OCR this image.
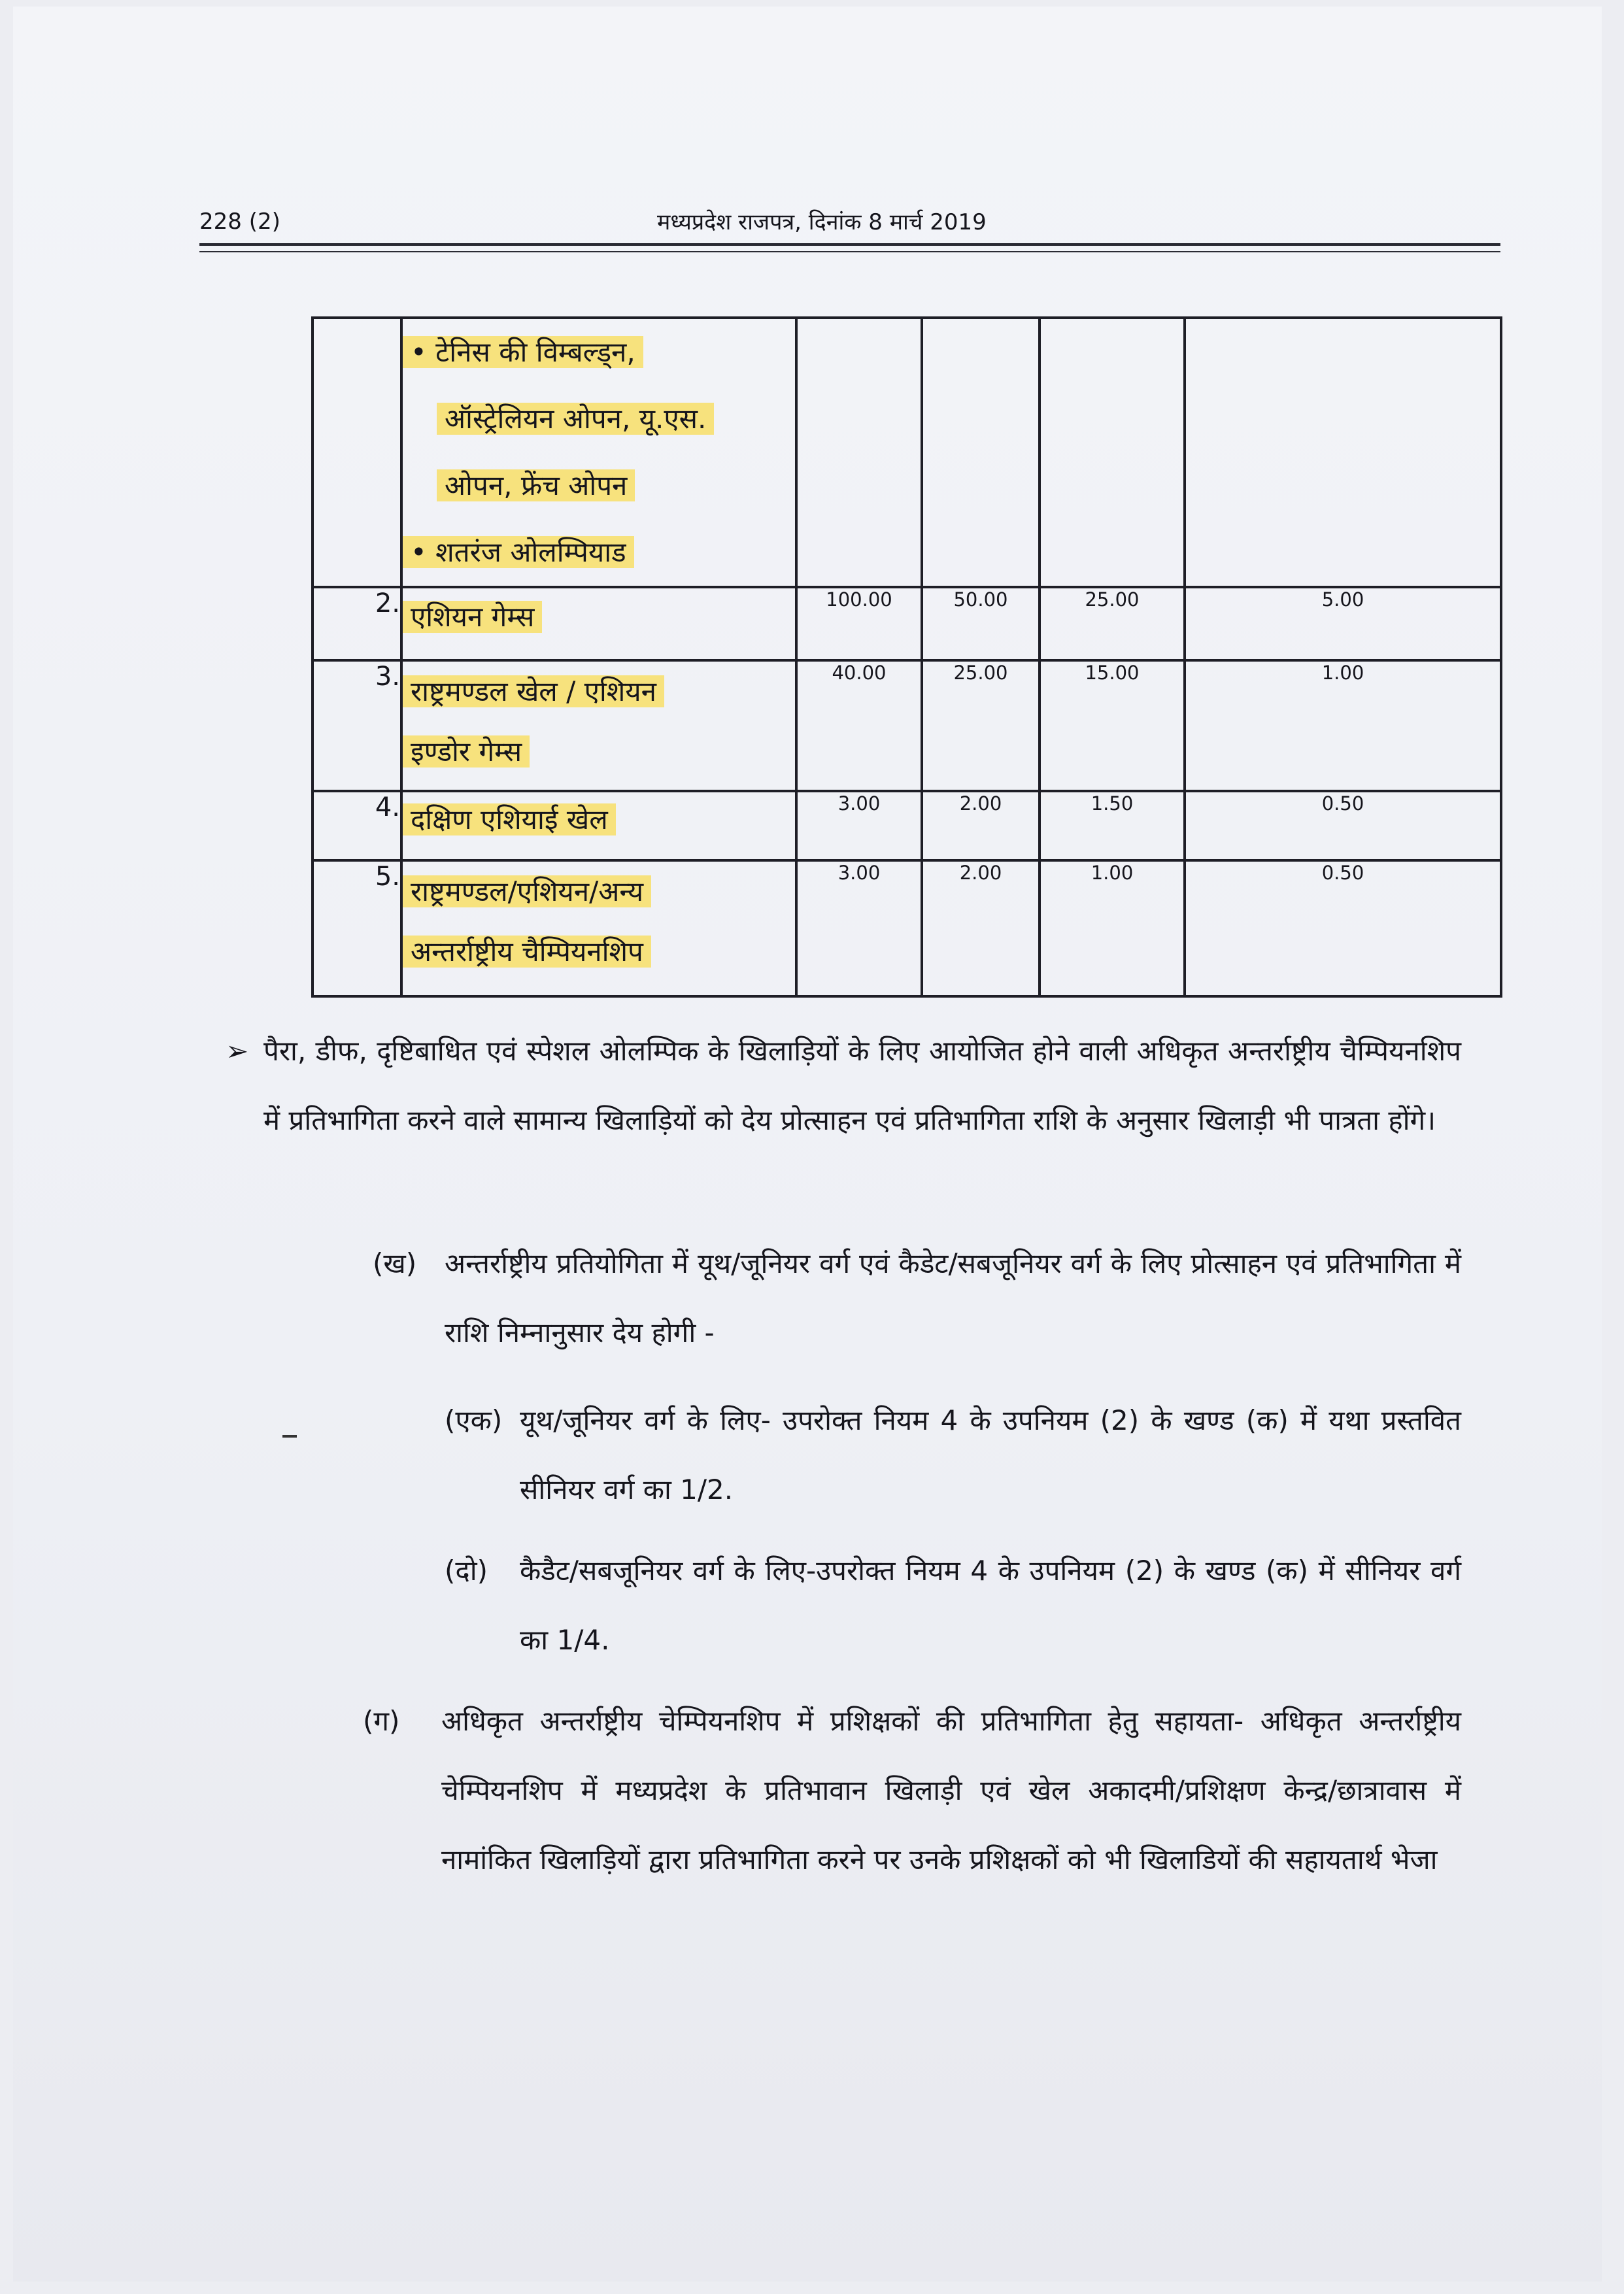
228 (2)	मध्यप्रदेश राजपत्र, दिनांक 8 मार्च 2019

	• टेनिस की विम्बल्ड्न,
ऑस्ट्रेलियन ओपन, यू.एस.
ओपन, फ्रेंच ओपन
• शतरंज ओलम्पियाड				

2.	एशियन गेम्स	100.00	50.00	25.00	5.00
3.	राष्ट्रमण्डल खेल / एशियन
इण्डोर गेम्स	40.00	25.00	15.00	1.00
4.	दक्षिण एशियाई खेल	3.00	2.00	1.50	0.50
5.	राष्ट्रमण्डल/एशियन/अन्य
अन्तर्राष्ट्रीय चैम्पियनशिप	3.00	2.00	1.00	0.50
➢ पैरा, डीफ, दृष्टिबाधित एवं स्पेशल ओलम्पिक के खिलाड़ियों के लिए आयोजित होने वाली अधिकृत अन्तर्राष्ट्रीय चैम्पियनशिप में प्रतिभागिता करने वाले सामान्य खिलाड़ियों को देय प्रोत्साहन एवं प्रतिभागिता राशि के अनुसार खिलाड़ी भी पात्रता होंगे।
(ख) अन्तर्राष्ट्रीय प्रतियोगिता में यूथ/जूनियर वर्ग एवं कैडेट/सबजूनियर वर्ग के लिए प्रोत्साहन एवं प्रतिभागिता में राशि निम्नानुसार देय होगी -
(एक) यूथ/जूनियर वर्ग के लिए- उपरोक्त नियम 4 के उपनियम (2) के खण्ड (क) में यथा प्रस्तवित सीनियर वर्ग का 1/2.
(दो) कैडैट/सबजूनियर वर्ग के लिए-उपरोक्त नियम 4 के उपनियम (2) के खण्ड (क) में सीनियर वर्ग का 1/4.
(ग) अधिकृत अन्तर्राष्ट्रीय चेम्पियनशिप में प्रशिक्षकों की प्रतिभागिता हेतु सहायता- अधिकृत अन्तर्राष्ट्रीय चेम्पियनशिप में मध्यप्रदेश के प्रतिभावान खिलाड़ी एवं खेल अकादमी/प्रशिक्षण केन्द्र/छात्रावास में नामांकित खिलाड़ियों द्वारा प्रतिभागिता करने पर उनके प्रशिक्षकों को भी खिलाडियों की सहायतार्थ भेजा
